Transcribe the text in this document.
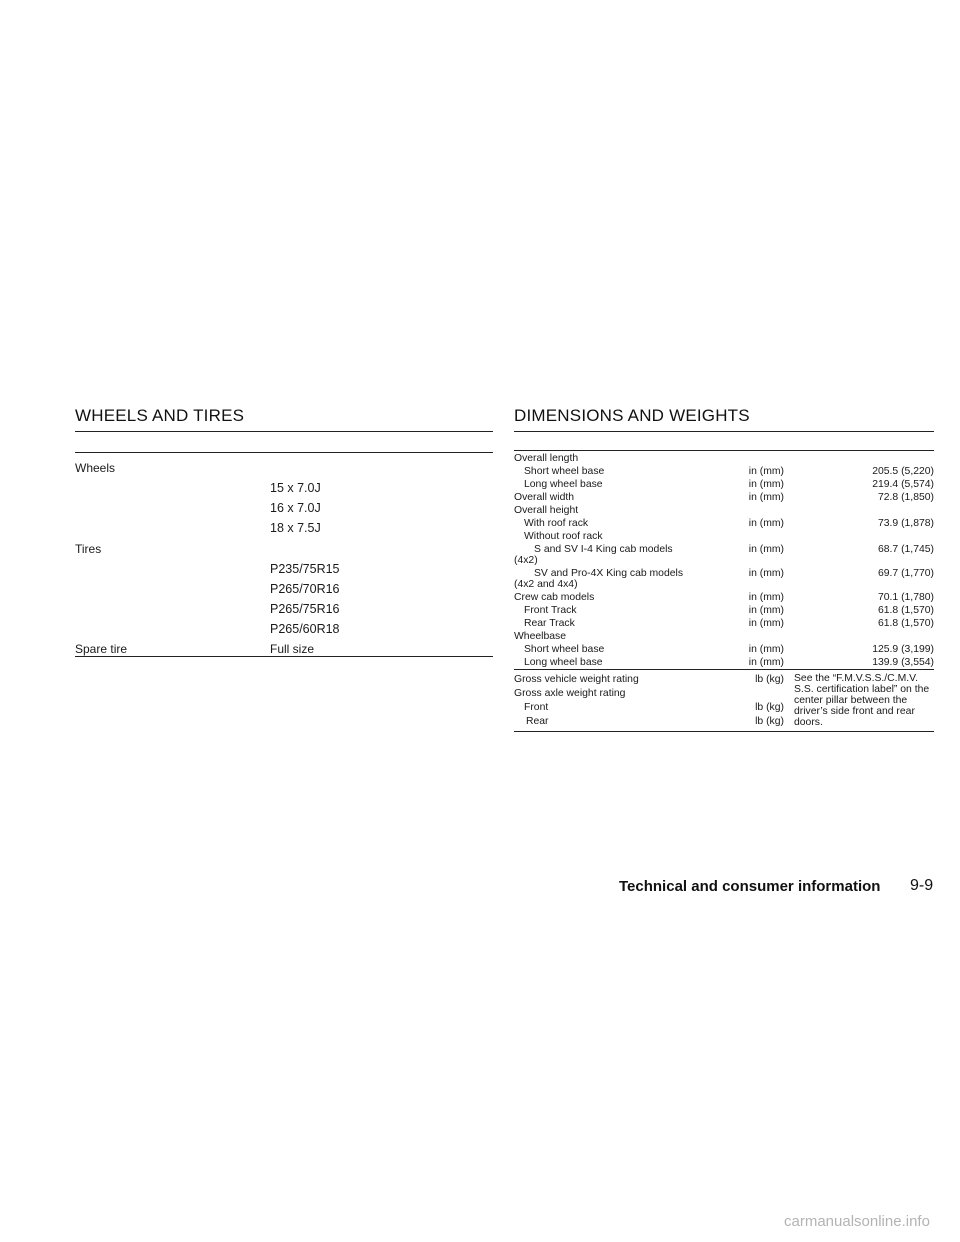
WHEELS AND TIRES
Wheels
15 x 7.0J
16 x 7.0J
18 x 7.5J
Tires
P235/75R15
P265/70R16
P265/75R16
P265/60R18
Spare tire	Full size
DIMENSIONS AND WEIGHTS
Overall length
Short wheel base	in (mm)	205.5 (5,220)
Long wheel base	in (mm)	219.4 (5,574)
Overall width	in (mm)	72.8 (1,850)
Overall height
With roof rack	in (mm)	73.9 (1,878)
Without roof rack
S and SV I-4 King cab models	in (mm)	68.7 (1,745)
(4x2)
SV and Pro-4X King cab models	in (mm)	69.7 (1,770)
(4x2 and 4x4)
Crew cab models	in (mm)	70.1 (1,780)
Front Track	in (mm)	61.8 (1,570)
Rear Track	in (mm)	61.8 (1,570)
Wheelbase
Short wheel base	in (mm)	125.9 (3,199)
Long wheel base	in (mm)	139.9 (3,554)
Gross vehicle weight rating	lb (kg)
Gross axle weight rating
Front	lb (kg)
Rear	lb (kg)
See the “F.M.V.S.S./C.M.V. S.S. certification label” on the center pillar between the driver’s side front and rear doors.
Technical and consumer information 9-9
carmanualsonline.info
